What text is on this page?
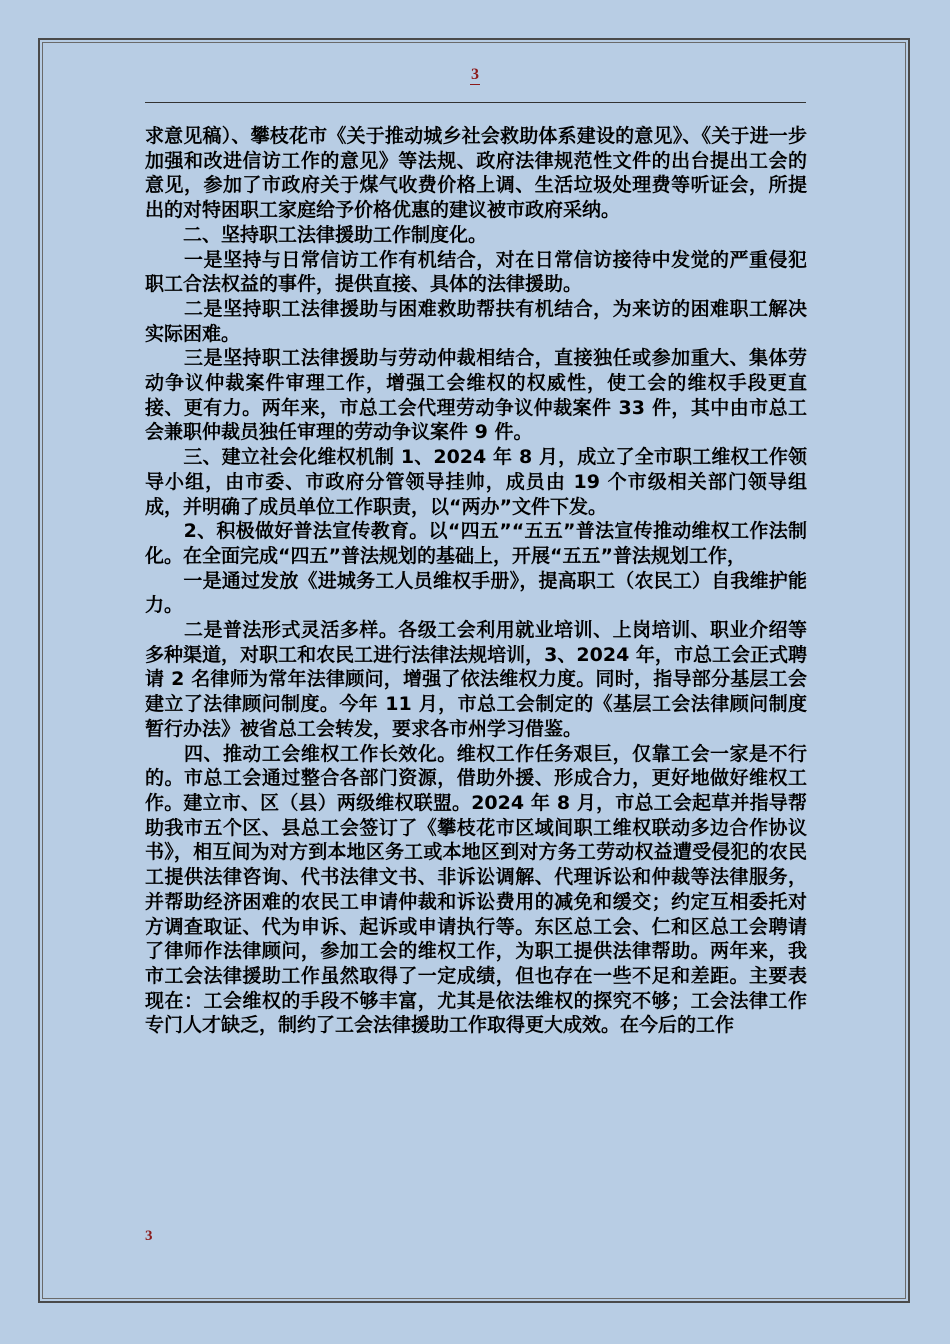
3

求意见稿）、攀枝花市《关于推动城乡社会救助体系建设的意见》、《关于进一步加强和改进信访工作的意见》等法规、政府法律规范性文件的出台提出工会的意见，参加了市政府关于煤气收费价格上调、生活垃圾处理费等听证会，所提出的对特困职工家庭给予价格优惠的建议被市政府采纳。

　　二、坚持职工法律援助工作制度化。

　　一是坚持与日常信访工作有机结合，对在日常信访接待中发觉的严重侵犯职工合法权益的事件，提供直接、具体的法律援助。

　　二是坚持职工法律援助与困难救助帮扶有机结合，为来访的困难职工解决实际困难。

　　三是坚持职工法律援助与劳动仲裁相结合，直接独任或参加重大、集体劳动争议仲裁案件审理工作，增强工会维权的权威性，使工会的维权手段更直接、更有力。两年来，市总工会代理劳动争议仲裁案件 33 件，其中由市总工会兼职仲裁员独任审理的劳动争议案件 9 件。

　　三、建立社会化维权机制 1、2024 年 8 月，成立了全市职工维权工作领导小组，由市委、市政府分管领导挂帅，成员由 19 个市级相关部门领导组成，并明确了成员单位工作职责，以“两办”文件下发。

　　2、积极做好普法宣传教育。以“四五”“五五”普法宣传推动维权工作法制化。在全面完成“四五”普法规划的基础上，开展“五五”普法规划工作，

　　一是通过发放《进城务工人员维权手册》，提高职工（农民工）自我维护能力。

　　二是普法形式灵活多样。各级工会利用就业培训、上岗培训、职业介绍等多种渠道，对职工和农民工进行法律法规培训，3、2024 年，市总工会正式聘请 2 名律师为常年法律顾问，增强了依法维权力度。同时，指导部分基层工会建立了法律顾问制度。今年 11 月，市总工会制定的《基层工会法律顾问制度暂行办法》被省总工会转发，要求各市州学习借鉴。

　　四、推动工会维权工作长效化。维权工作任务艰巨，仅靠工会一家是不行的。市总工会通过整合各部门资源，借助外援、形成合力，更好地做好维权工作。建立市、区（县）两级维权联盟。2024 年 8 月，市总工会起草并指导帮助我市五个区、县总工会签订了《攀枝花市区域间职工维权联动多边合作协议书》，相互间为对方到本地区务工或本地区到对方务工劳动权益遭受侵犯的农民工提供法律咨询、代书法律文书、非诉讼调解、代理诉讼和仲裁等法律服务，并帮助经济困难的农民工申请仲裁和诉讼费用的减免和缓交；约定互相委托对方调查取证、代为申诉、起诉或申请执行等。东区总工会、仁和区总工会聘请了律师作法律顾问，参加工会的维权工作，为职工提供法律帮助。两年来，我市工会法律援助工作虽然取得了一定成绩，但也存在一些不足和差距。主要表现在：工会维权的手段不够丰富，尤其是依法维权的探究不够；工会法律工作专门人才缺乏，制约了工会法律援助工作取得更大成效。在今后的工作

3
